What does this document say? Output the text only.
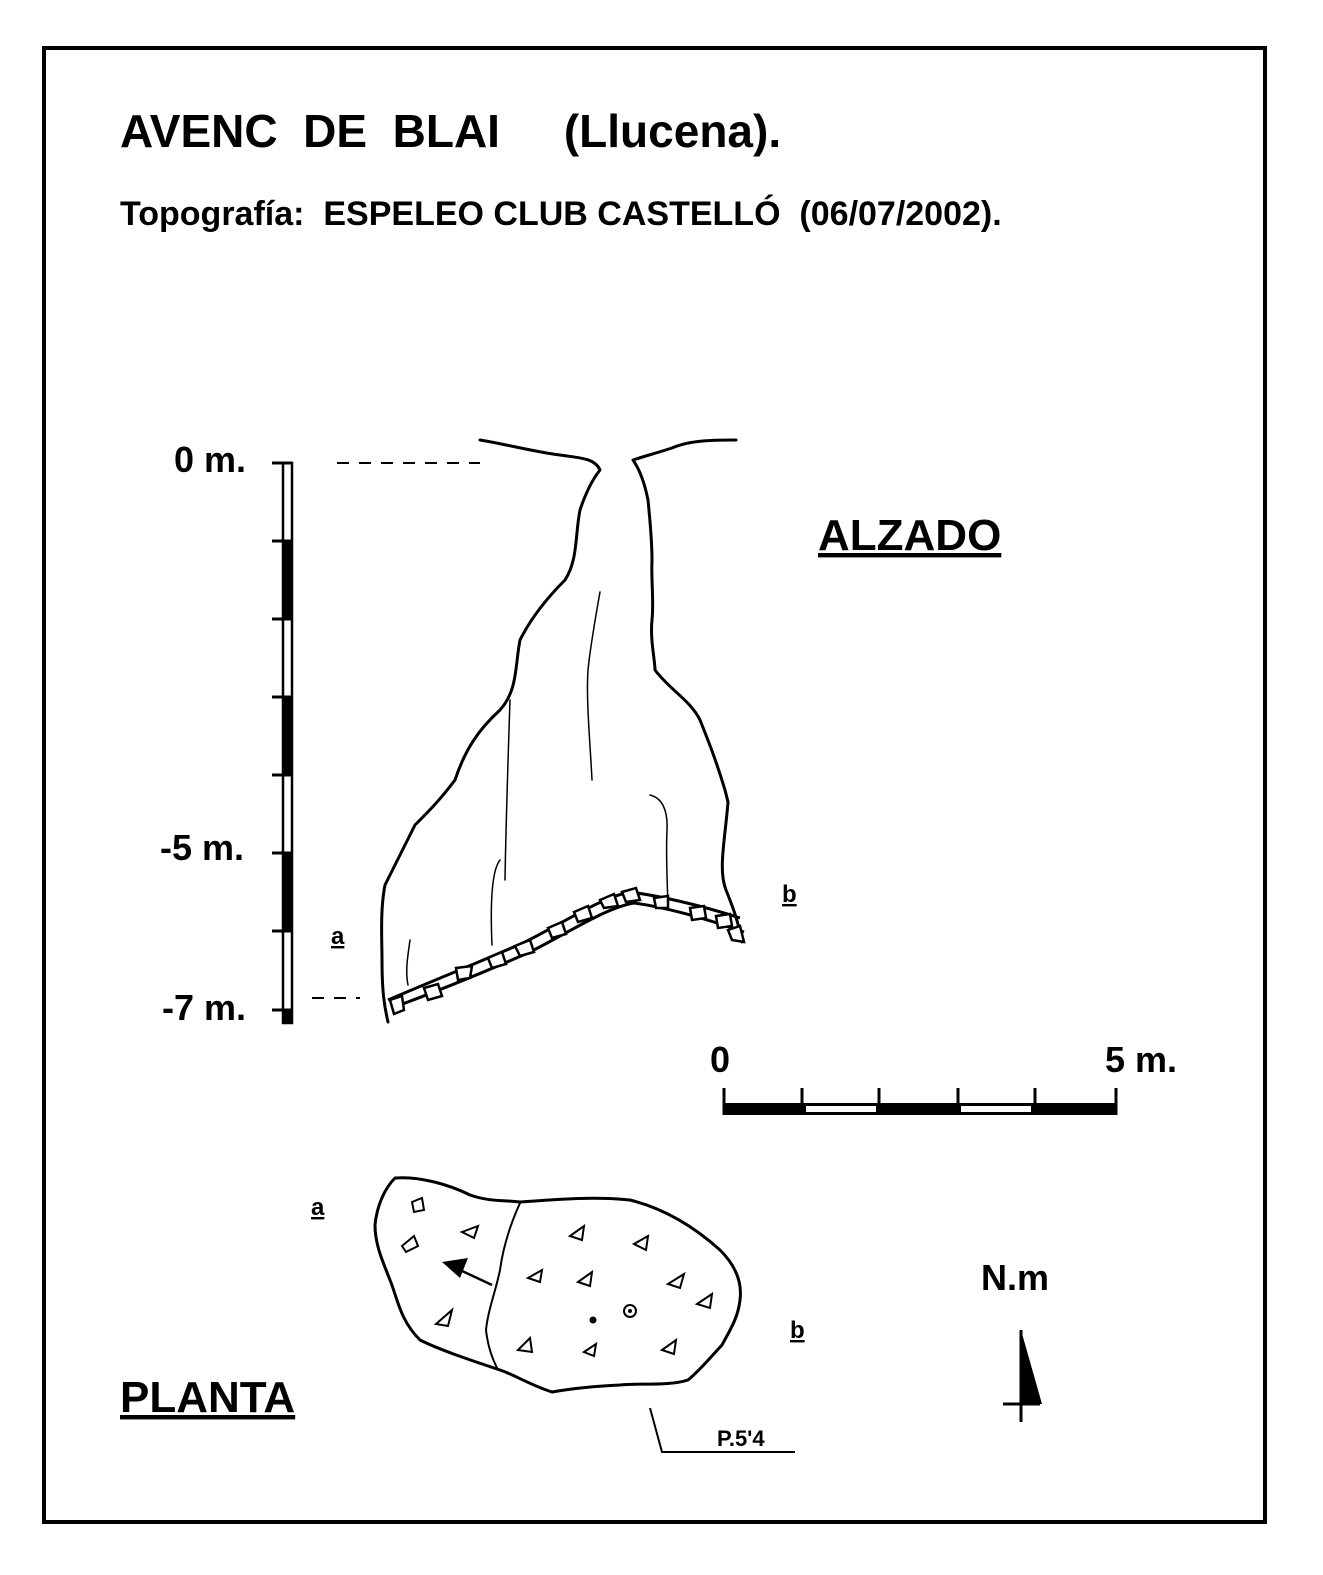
AVENC  DE  BLAI (Llucena).
Topografía: ESPELEO CLUB CASTELLÓ (06/07/2002).
0 m.
-5 m.
-7 m.
a
b
ALZADO
0	5 m.
a
b
P.5'4
PLANTA
N.m
